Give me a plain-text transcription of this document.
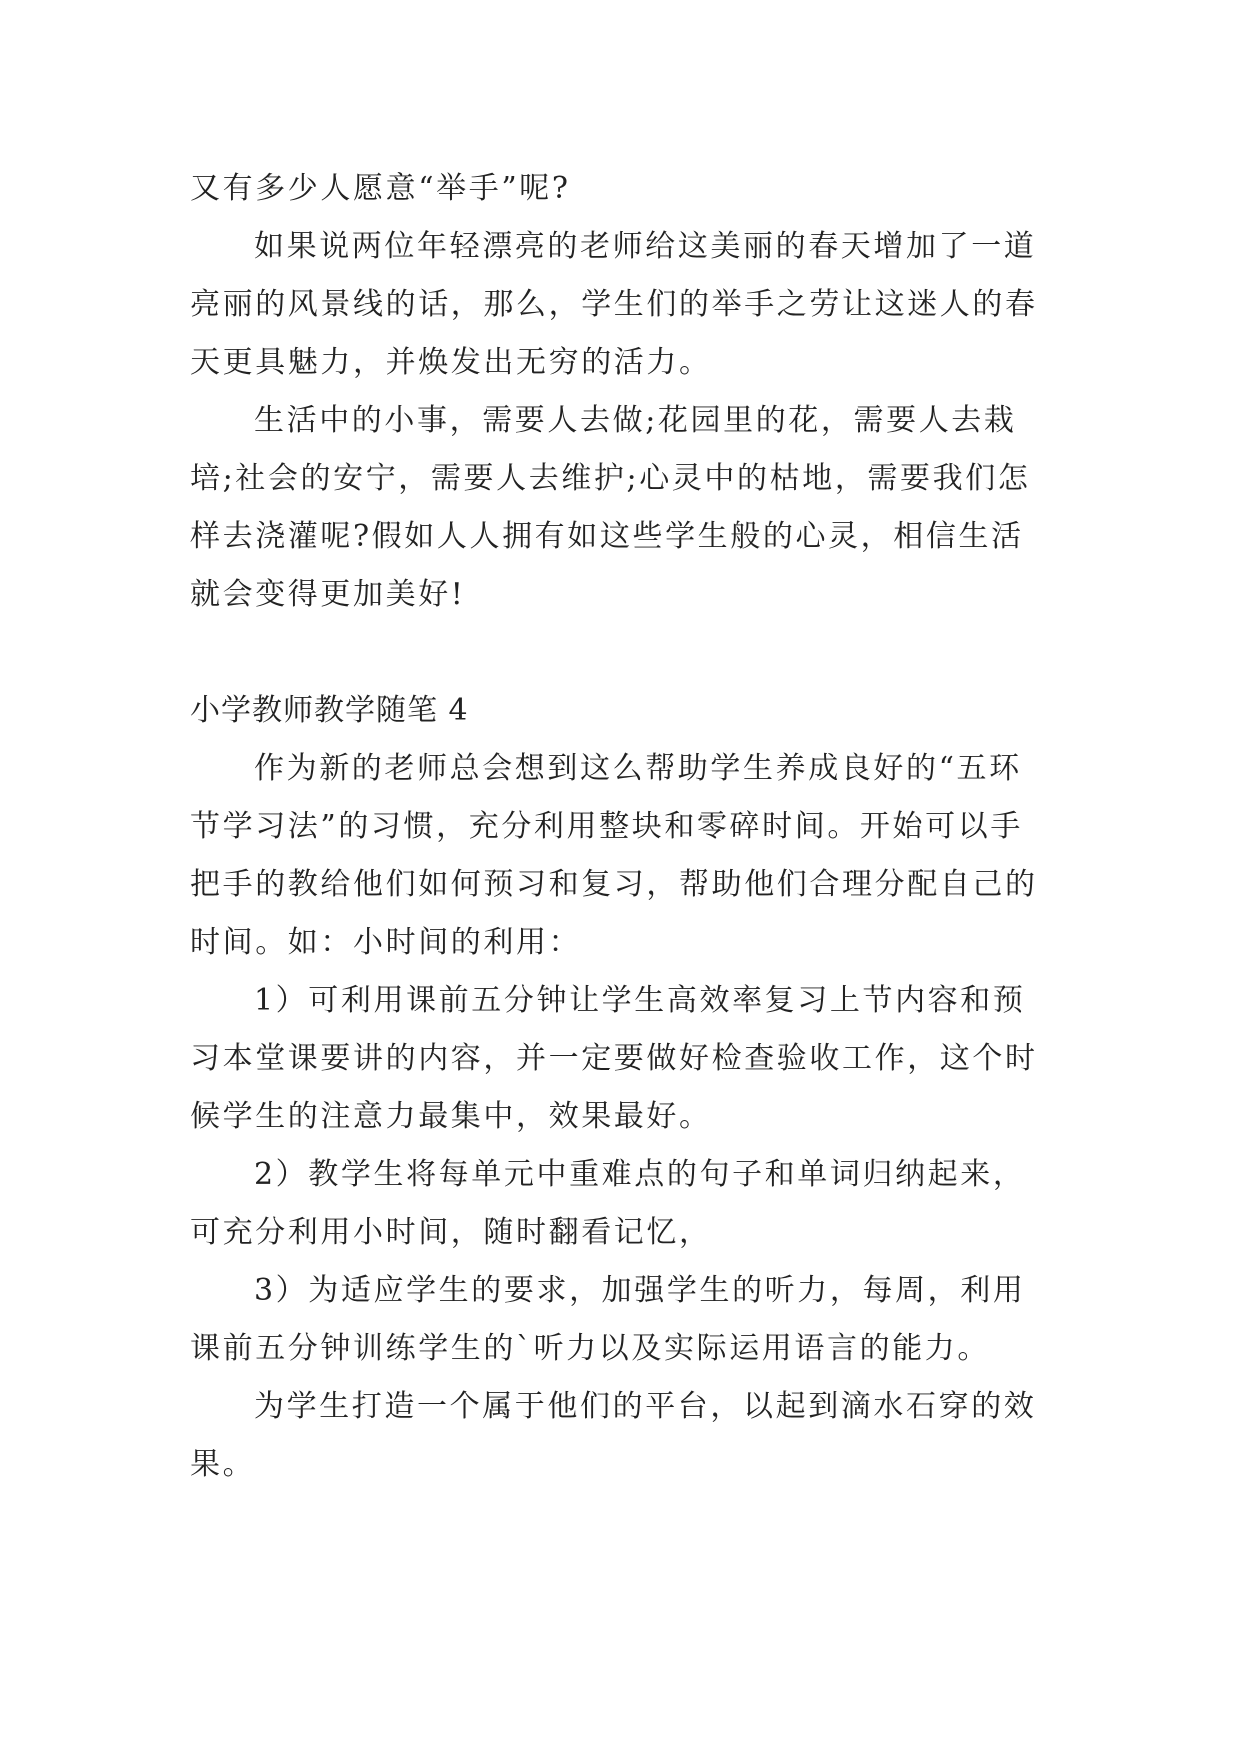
又有多少人愿意“举手”呢?

如果说两位年轻漂亮的老师给这美丽的春天增加了一道亮丽的风景线的话，那么，学生们的举手之劳让这迷人的春天更具魅力，并焕发出无穷的活力。

生活中的小事，需要人去做;花园里的花，需要人去栽培;社会的安宁，需要人去维护;心灵中的枯地，需要我们怎样去浇灌呢?假如人人拥有如这些学生般的心灵，相信生活就会变得更加美好!

小学教师教学随笔 4

作为新的老师总会想到这么帮助学生养成良好的“五环节学习法”的习惯，充分利用整块和零碎时间。开始可以手把手的教给他们如何预习和复习，帮助他们合理分配自己的时间。如：小时间的利用：

1）可利用课前五分钟让学生高效率复习上节内容和预习本堂课要讲的内容，并一定要做好检查验收工作，这个时候学生的注意力最集中，效果最好。

2）教学生将每单元中重难点的句子和单词归纳起来，可充分利用小时间，随时翻看记忆，

3）为适应学生的要求，加强学生的听力，每周，利用课前五分钟训练学生的`听力以及实际运用语言的能力。

为学生打造一个属于他们的平台，以起到滴水石穿的效果。
